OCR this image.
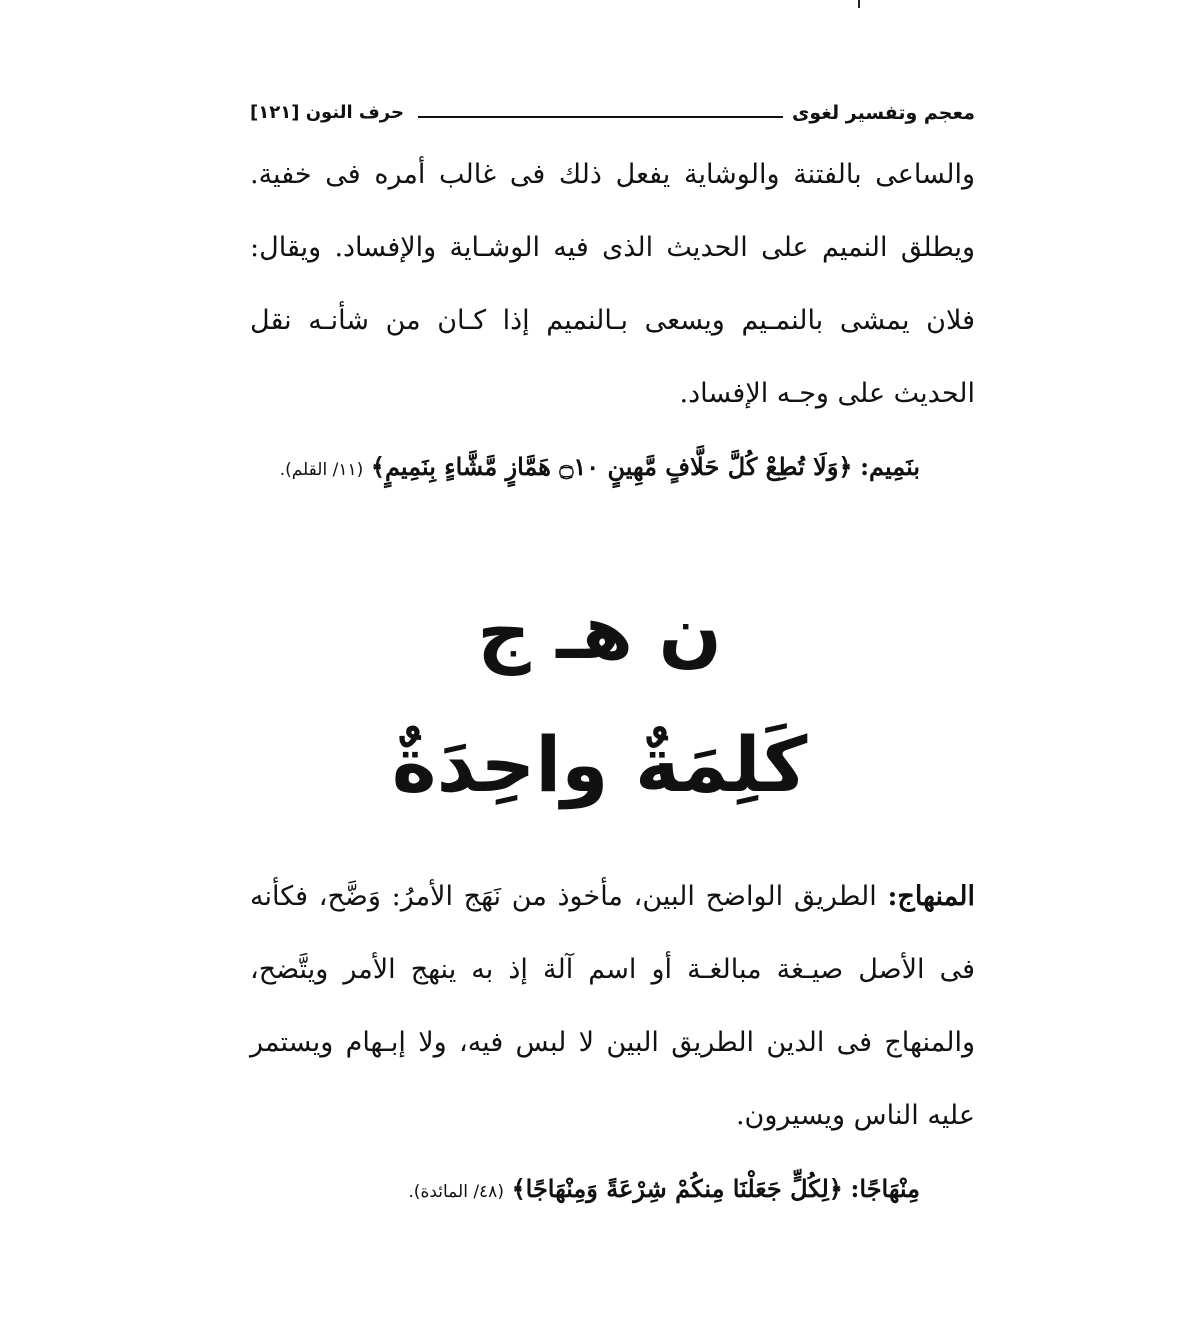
معجم وتفسير لغوى
حرف النون [١٢١]
والساعى بالفتنة والوشاية يفعل ذلك فى غالب أمره فى خفية. ويطلق النميم على الحديث الذى فيه الوشـاية والإفساد. ويقال: فلان يمشى بالنمـيم ويسعى بـالنميم إذا كـان من شأنـه نقل الحديث على وجـه الإفساد.
بنَمِيم: ﴿وَلَا تُطِعْ كُلَّ حَلَّافٍ مَّهِينٍ ۝١٠ هَمَّازٍ مَّشَّاءٍ بِنَمِيمٍ﴾ (١١/ القلم).
ن هـ ج
كَلِمَةٌ واحِدَةٌ
المنهاج: الطريق الواضح البين، مأخوذ من نَهَج الأمرُ: وَضَّح، فكأنه فى الأصل صيـغة مبالغـة أو اسم آلة إذ به ينهج الأمر ويتَّضح، والمنهاج فى الدين الطريق البين لا لبس فيه، ولا إبـهام ويستمر عليه الناس ويسيرون.
مِنْهَاجًا: ﴿لِكُلٍّ جَعَلْنَا مِنكُمْ شِرْعَةً وَمِنْهَاجًا﴾ (٤٨/ المائدة).
